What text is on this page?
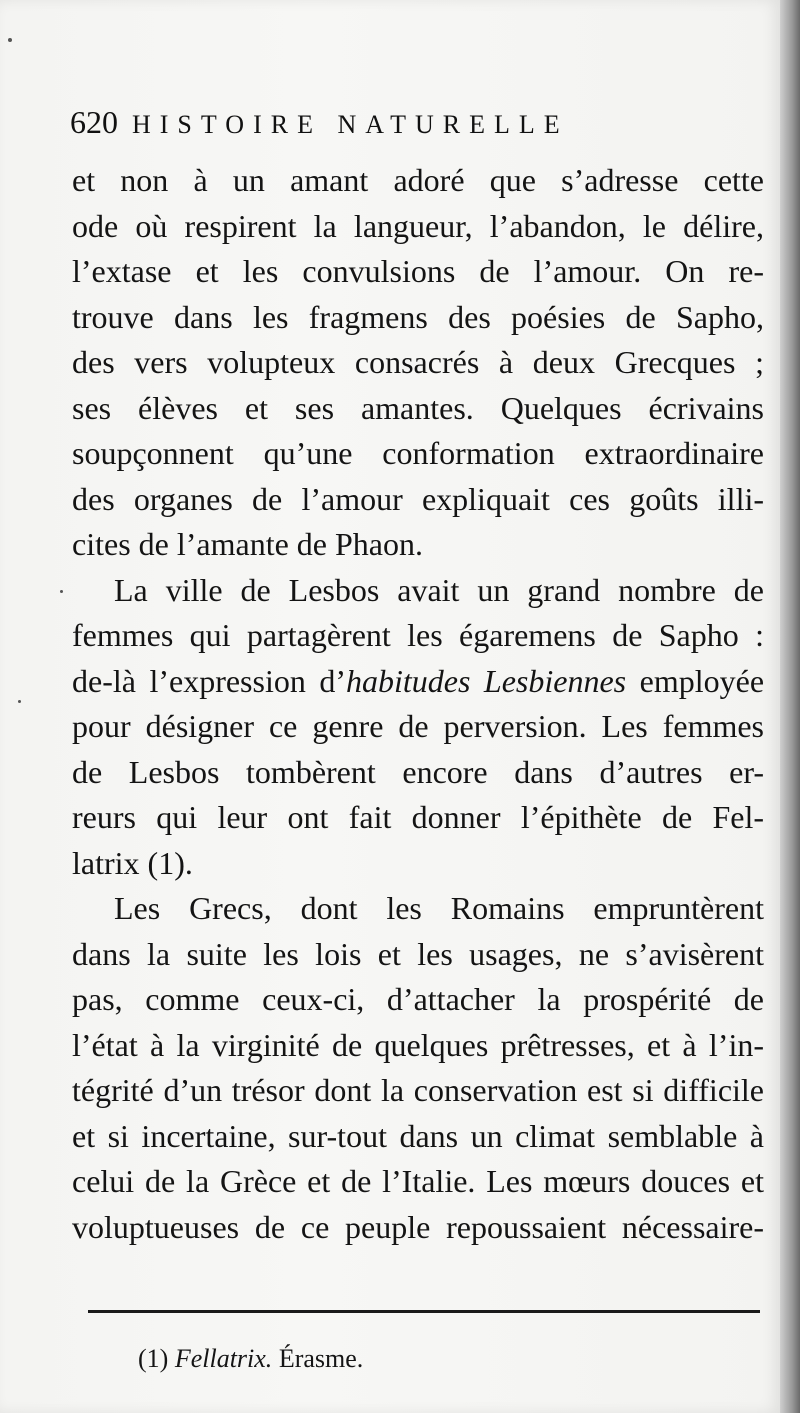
620 HISTOIRE NATURELLE

et non à un amant adoré que s’adresse cette
ode où respirent la langueur, l’abandon, le délire,
l’extase et les convulsions de l’amour. On re-
trouve dans les fragmens des poésies de Sapho,
des vers volupteux consacrés à deux Grecques ;
ses élèves et ses amantes. Quelques écrivains
soupçonnent qu’une conformation extraordinaire
des organes de l’amour expliquait ces goûts illi-
cites de l’amante de Phaon.

La ville de Lesbos avait un grand nombre de
femmes qui partagèrent les égaremens de Sapho :
de-là l’expression d’habitudes Lesbiennes employée
pour désigner ce genre de perversion. Les femmes
de Lesbos tombèrent encore dans d’autres er-
reurs qui leur ont fait donner l’épithète de Fel-
latrix (1).

Les Grecs, dont les Romains empruntèrent
dans la suite les lois et les usages, ne s’avisèrent
pas, comme ceux-ci, d’attacher la prospérité de
l’état à la virginité de quelques prêtresses, et à l’in-
tégrité d’un trésor dont la conservation est si difficile
et si incertaine, sur-tout dans un climat semblable à
celui de la Grèce et de l’Italie. Les mœurs douces et
voluptueuses de ce peuple repoussaient nécessaire-

(1) Fellatrix. Érasme.
